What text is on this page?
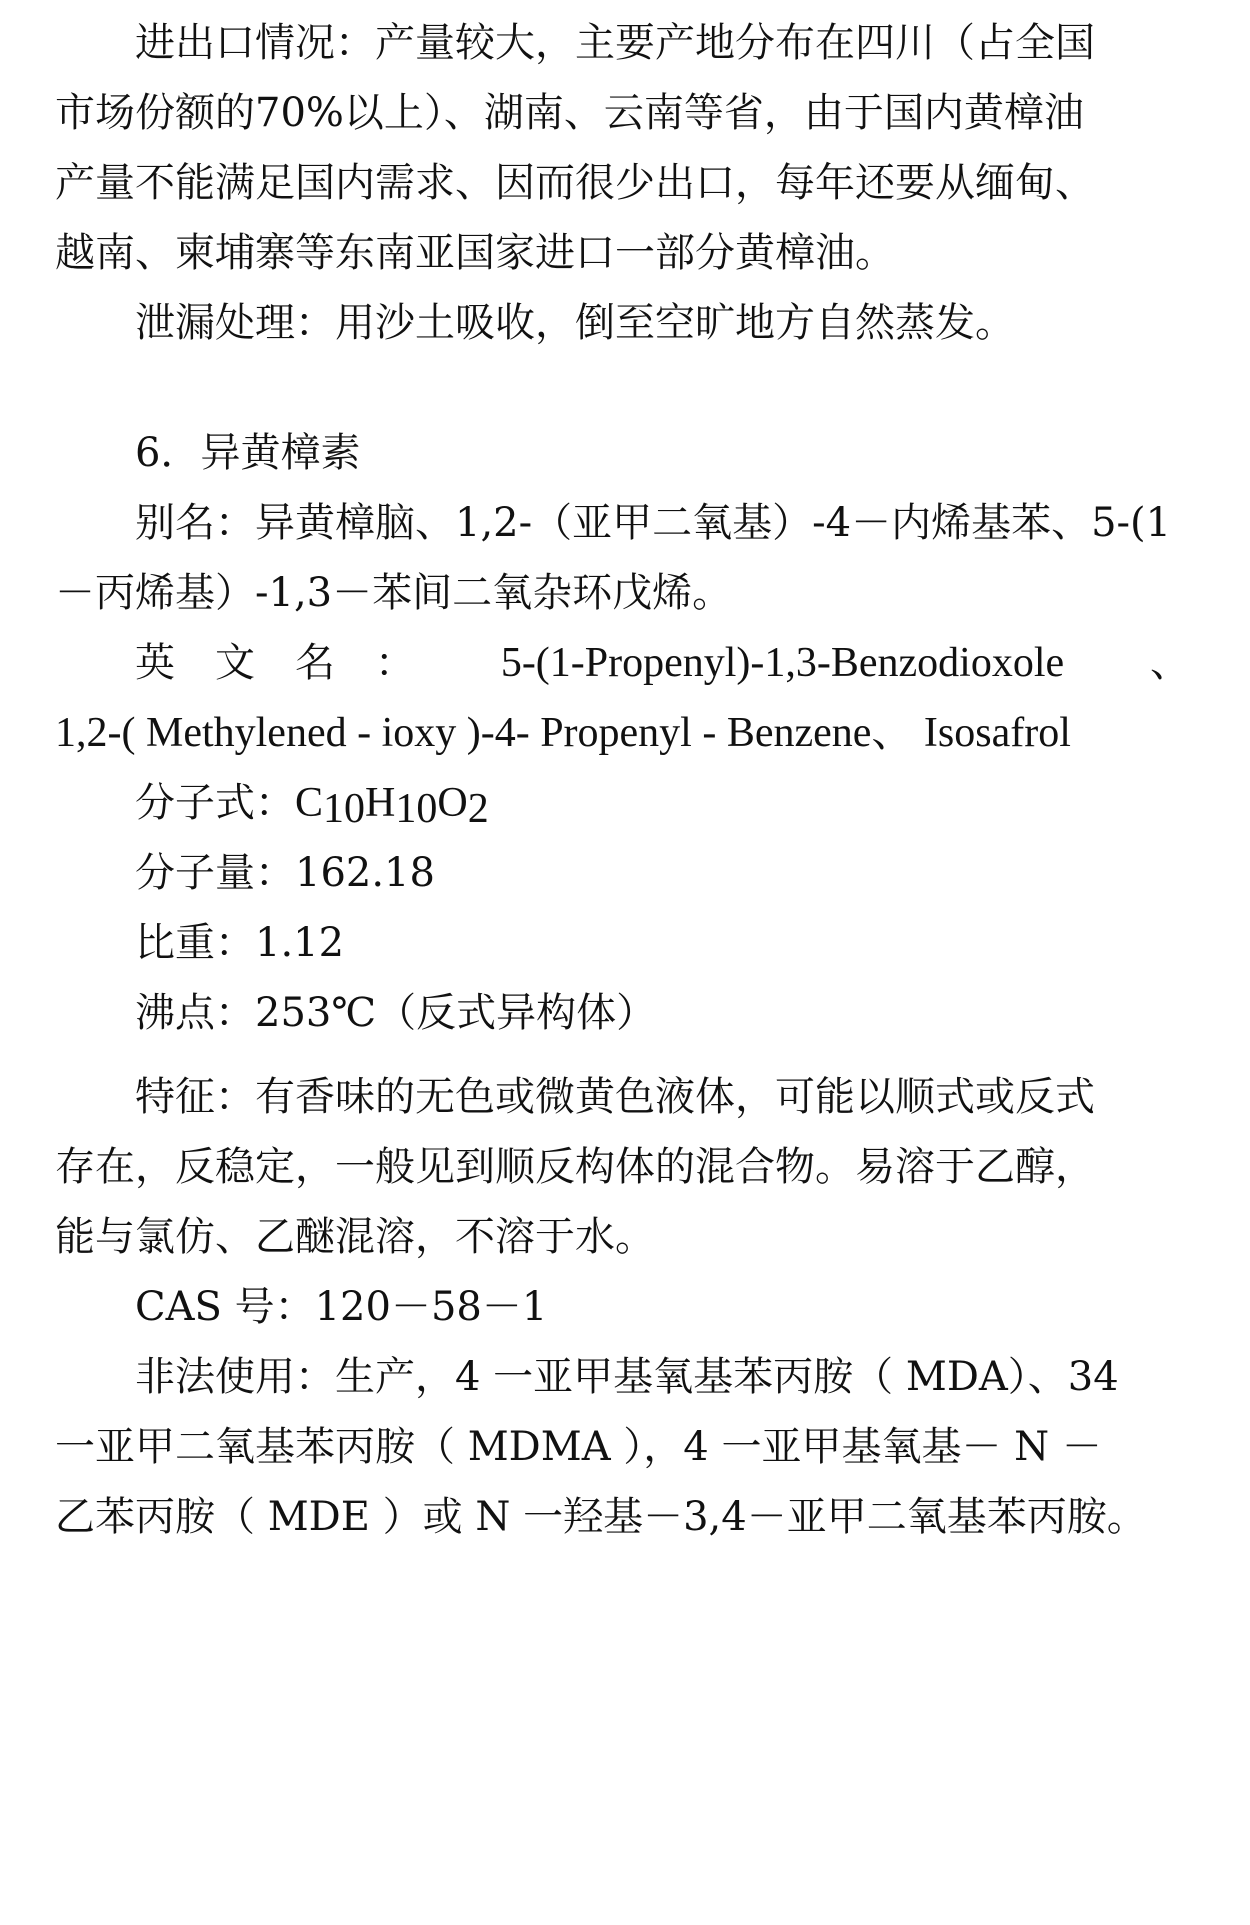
进出口情况：产量较大，主要产地分布在四川（占全国
市场份额的70%以上）、湖南、云南等省，由于国内黄樟油
产量不能满足国内需求、因而很少出口，每年还要从缅甸、
越南、柬埔寨等东南亚国家进口一部分黄樟油。
泄漏处理：用沙土吸收，倒至空旷地方自然蒸发。
6．异黄樟素
别名：异黄樟脑、1,2-（亚甲二氧基）-4－内烯基苯、5-(1
－丙烯基）-1,3－苯间二氧杂环戊烯。
英　文　名　： 5-(1-Propenyl)-1,3-Benzodioxole 、
1,2-( Methylened - ioxy )-4- Propenyl - Benzene、 Isosafrol
分子式：$C_{10}H_{10}O_2$
分子量：162.18
比重：1.12
沸点：253℃（反式异构体）
特征：有香味的无色或微黄色液体，可能以顺式或反式
存在，反稳定，一般见到顺反构体的混合物。易溶于乙醇，
能与氯仿、乙醚混溶，不溶于水。
CAS 号：120－58－1
非法使用：生产，4 一亚甲基氧基苯丙胺（ MDA）、34
一亚甲二氧基苯丙胺（ MDMA ），4 一亚甲基氧基－ N －
乙苯丙胺（ MDE ）或 N 一羟基－3,4－亚甲二氧基苯丙胺。
